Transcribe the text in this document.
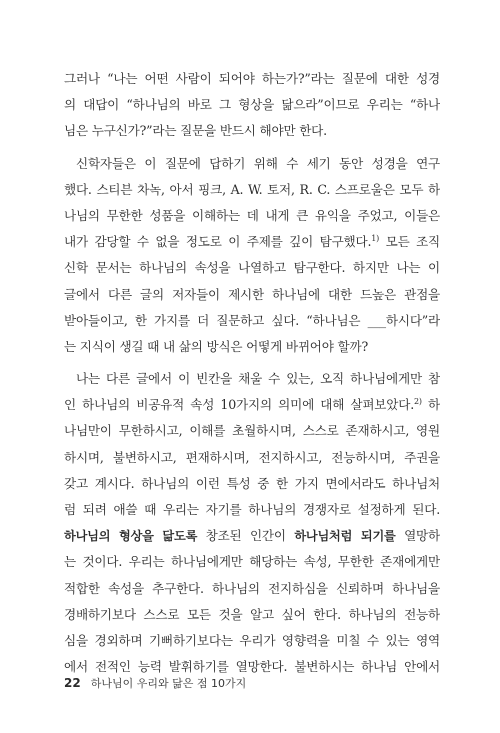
그러나 “나는 어떤 사람이 되어야 하는가?”라는 질문에 대한 성경
의 대답이 “하나님의 바로 그 형상을 닮으라”이므로 우리는 “하나
님은 누구신가?”라는 질문을 반드시 해야만 한다.
신학자들은 이 질문에 답하기 위해 수 세기 동안 성경을 연구
했다. 스티븐 차녹, 아서 핑크, A. W. 토저, R. C. 스프로울은 모두 하
나님의 무한한 성품을 이해하는 데 내게 큰 유익을 주었고, 이들은
내가 감당할 수 없을 정도로 이 주제를 깊이 탐구했다.$^{1)}$ 모든 조직
신학 문서는 하나님의 속성을 나열하고 탐구한다. 하지만 나는 이
글에서 다른 글의 저자들이 제시한 하나님에 대한 드높은 관점을
받아들이고, 한 가지를 더 질문하고 싶다. “하나님은 ___하시다”라
는 지식이 생길 때 내 삶의 방식은 어떻게 바뀌어야 할까?
나는 다른 글에서 이 빈칸을 채울 수 있는, 오직 하나님에게만 참
인 하나님의 비공유적 속성 10가지의 의미에 대해 살펴보았다.$^{2)}$ 하
나님만이 무한하시고, 이해를 초월하시며, 스스로 존재하시고, 영원
하시며, 불변하시고, 편재하시며, 전지하시고, 전능하시며, 주권을
갖고 계시다. 하나님의 이런 특성 중 한 가지 면에서라도 하나님처
럼 되려 애쓸 때 우리는 자기를 하나님의 경쟁자로 설정하게 된다.
하나님의 형상을 닮도록 창조된 인간이 하나님처럼 되기를 열망하
는 것이다. 우리는 하나님에게만 해당하는 속성, 무한한 존재에게만
적합한 속성을 추구한다. 하나님의 전지하심을 신뢰하며 하나님을
경배하기보다 스스로 모든 것을 알고 싶어 한다. 하나님의 전능하
심을 경외하며 기뻐하기보다는 우리가 영향력을 미칠 수 있는 영역
에서 전적인 능력 발휘하기를 열망한다. 불변하시는 하나님 안에서
22 하나님이 우리와 닮은 점 10가지
